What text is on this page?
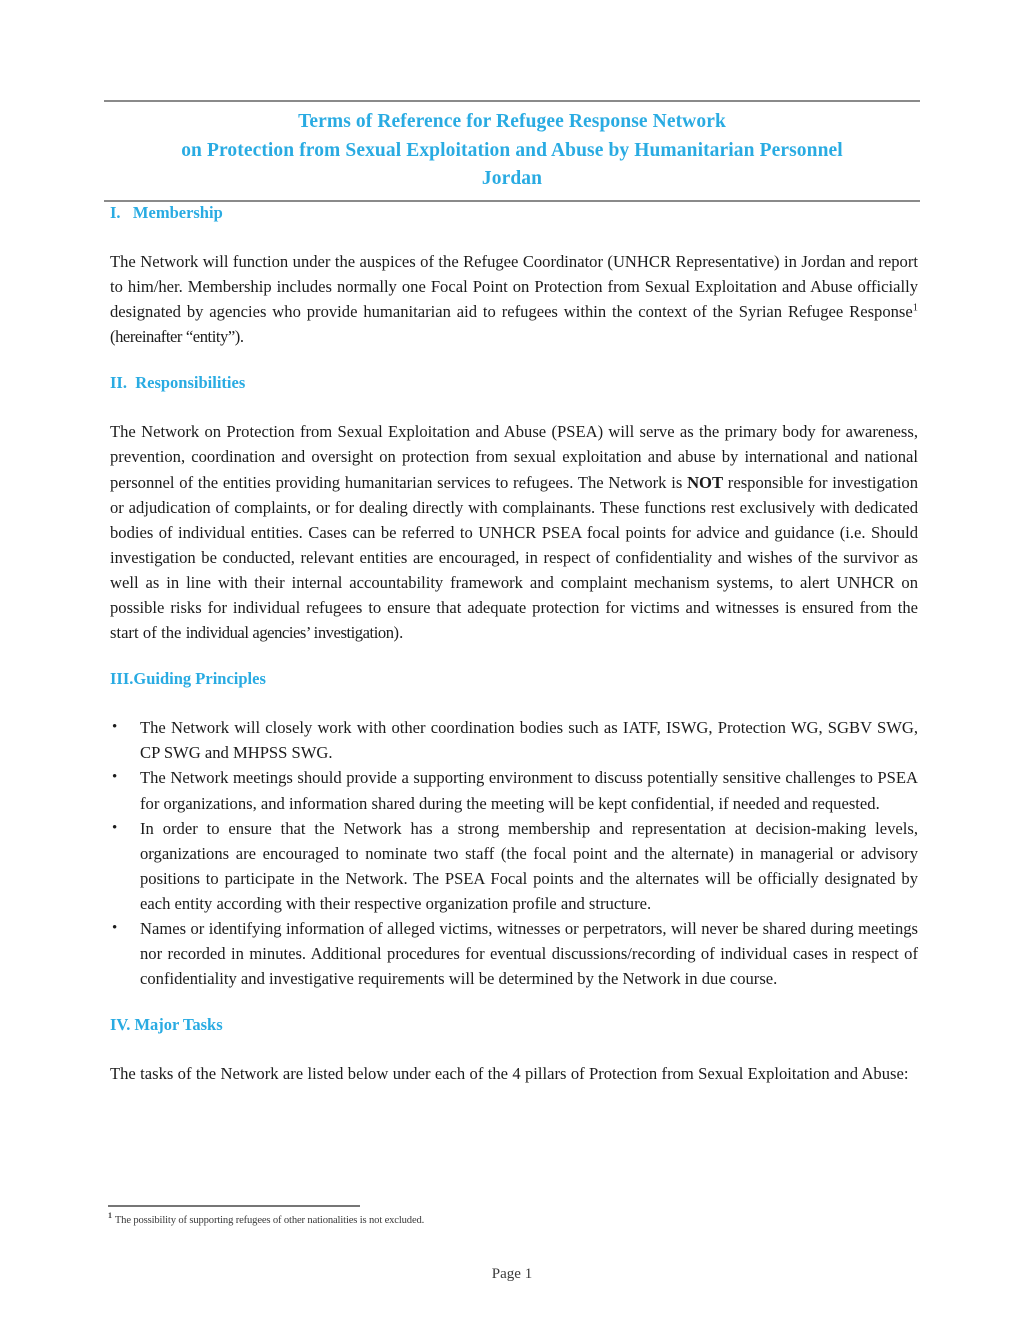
Terms of Reference for Refugee Response Network
on Protection from Sexual Exploitation and Abuse by Humanitarian Personnel
Jordan
I.  Membership

The Network will function under the auspices of the Refugee Coordinator (UNHCR Representative) in Jordan and report to him/her. Membership includes normally one Focal Point on Protection from Sexual Exploitation and Abuse officially designated by agencies who provide humanitarian aid to refugees within the context of the Syrian Refugee Response$^1$ (hereinafter “entity”).

II. Responsibilities

The Network on Protection from Sexual Exploitation and Abuse (PSEA) will serve as the primary body for awareness, prevention, coordination and oversight on protection from sexual exploitation and abuse by international and national personnel of the entities providing humanitarian services to refugees. The Network is NOT responsible for investigation or adjudication of complaints, or for dealing directly with complainants. These functions rest exclusively with dedicated bodies of individual entities. Cases can be referred to UNHCR PSEA focal points for advice and guidance (i.e. Should investigation be conducted, relevant entities are encouraged, in respect of confidentiality and wishes of the survivor as well as in line with their internal accountability framework and complaint mechanism systems, to alert UNHCR on possible risks for individual refugees to ensure that adequate protection for victims and witnesses is ensured from the start of the individual agencies’ investigation).

III.Guiding Principles
• The Network will closely work with other coordination bodies such as IATF, ISWG, Protection WG, SGBV SWG, CP SWG and MHPSS SWG.
• The Network meetings should provide a supporting environment to discuss potentially sensitive challenges to PSEA for organizations, and information shared during the meeting will be kept confidential, if needed and requested.
• In order to ensure that the Network has a strong membership and representation at decision-making levels, organizations are encouraged to nominate two staff (the focal point and the alternate) in managerial or advisory positions to participate in the Network. The PSEA Focal points and the alternates will be officially designated by each entity according with their respective organization profile and structure.
• Names or identifying information of alleged victims, witnesses or perpetrators, will never be shared during meetings nor recorded in minutes. Additional procedures for eventual discussions/recording of individual cases in respect of confidentiality and investigative requirements will be determined by the Network in due course.
IV. Major Tasks

The tasks of the Network are listed below under each of the 4 pillars of Protection from Sexual Exploitation and Abuse:

$^1$ The possibility of supporting refugees of other nationalities is not excluded.
Page 1
